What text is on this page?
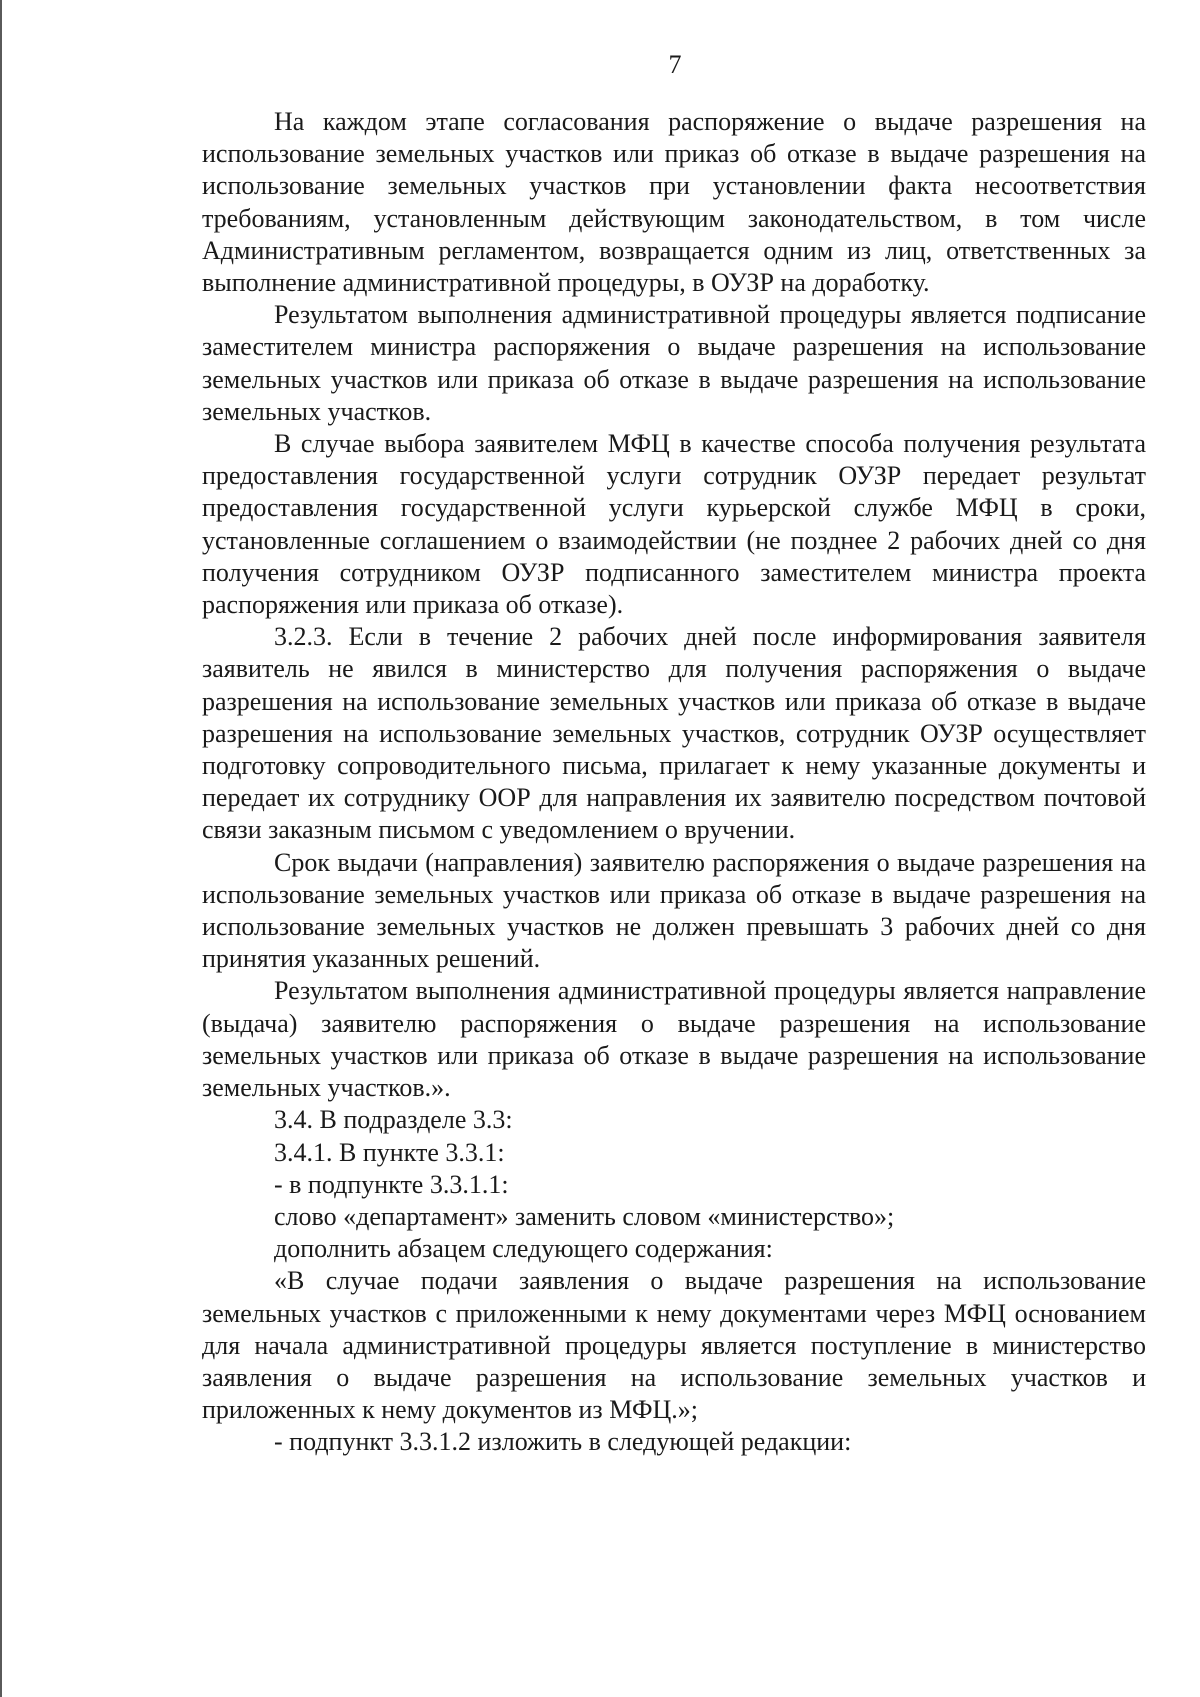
7

На каждом этапе согласования распоряжение о выдаче разрешения на использование земельных участков или приказ об отказе в выдаче разрешения на использование земельных участков при установлении факта несоответствия требованиям, установленным действующим законодательством, в том числе Административным регламентом, возвращается одним из лиц, ответственных за выполнение административной процедуры, в ОУЗР на доработку.

Результатом выполнения административной процедуры является подписание заместителем министра распоряжения о выдаче разрешения на использование земельных участков или приказа об отказе в выдаче разрешения на использование земельных участков.

В случае выбора заявителем МФЦ в качестве способа получения результата предоставления государственной услуги сотрудник ОУЗР передает результат предоставления государственной услуги курьерской службе МФЦ в сроки, установленные соглашением о взаимодействии (не позднее 2 рабочих дней со дня получения сотрудником ОУЗР подписанного заместителем министра проекта распоряжения или приказа об отказе).

3.2.3. Если в течение 2 рабочих дней после информирования заявителя заявитель не явился в министерство для получения распоряжения о выдаче разрешения на использование земельных участков или приказа об отказе в выдаче разрешения на использование земельных участков, сотрудник ОУЗР осуществляет подготовку сопроводительного письма, прилагает к нему указанные документы и передает их сотруднику ООР для направления их заявителю посредством почтовой связи заказным письмом с уведомлением о вручении.

Срок выдачи (направления) заявителю распоряжения о выдаче разрешения на использование земельных участков или приказа об отказе в выдаче разрешения на использование земельных участков не должен превышать 3 рабочих дней со дня принятия указанных решений.

Результатом выполнения административной процедуры является направление (выдача) заявителю распоряжения о выдаче разрешения на использование земельных участков или приказа об отказе в выдаче разрешения на использование земельных участков.».

3.4. В подразделе 3.3:

3.4.1. В пункте 3.3.1:

- в подпункте 3.3.1.1:

слово «департамент» заменить словом «министерство»;

дополнить абзацем следующего содержания:

«В случае подачи заявления о выдаче разрешения на использование земельных участков с приложенными к нему документами через МФЦ основанием для начала административной процедуры является поступление в министерство заявления о выдаче разрешения на использование земельных участков и приложенных к нему документов из МФЦ.»;

- подпункт 3.3.1.2 изложить в следующей редакции:
